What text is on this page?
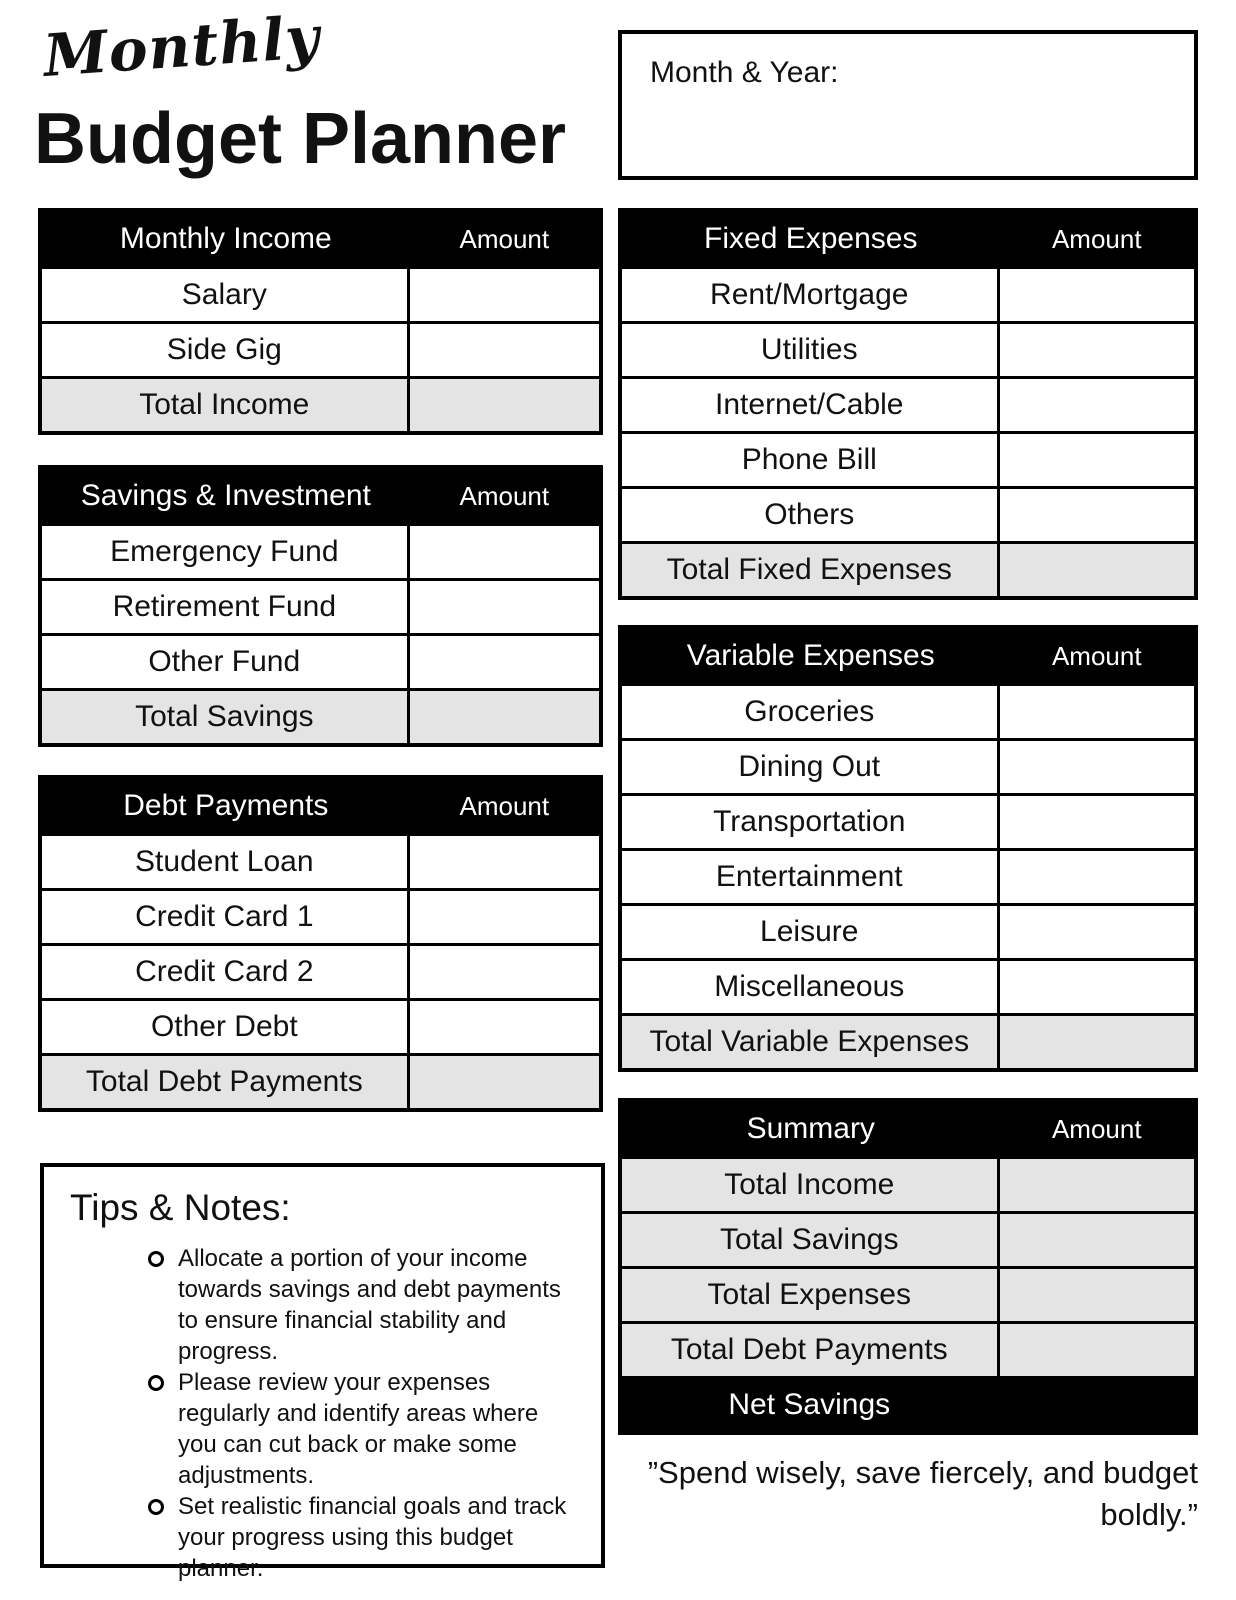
Monthly
Budget Planner
Month & Year:
Monthly Income	Amount
Salary
Side Gig
Total Income
Savings & Investment	Amount
Emergency Fund
Retirement Fund
Other Fund
Total Savings
Debt Payments	Amount
Student Loan
Credit Card 1
Credit Card 2
Other Debt
Total Debt Payments
Fixed Expenses	Amount
Rent/Mortgage
Utilities
Internet/Cable
Phone Bill
Others
Total Fixed Expenses
Variable Expenses	Amount
Groceries
Dining Out
Transportation
Entertainment
Leisure
Miscellaneous
Total Variable Expenses
Summary	Amount
Total Income
Total Savings
Total Expenses
Total Debt Payments
Net Savings
Tips & Notes:
Allocate a portion of your income towards savings and debt payments to ensure financial stability and progress.
Please review your expenses regularly and identify areas where you can cut back or make some adjustments.
Set realistic financial goals and track your progress using this budget planner.
”Spend wisely, save fiercely, and budget boldly.”
